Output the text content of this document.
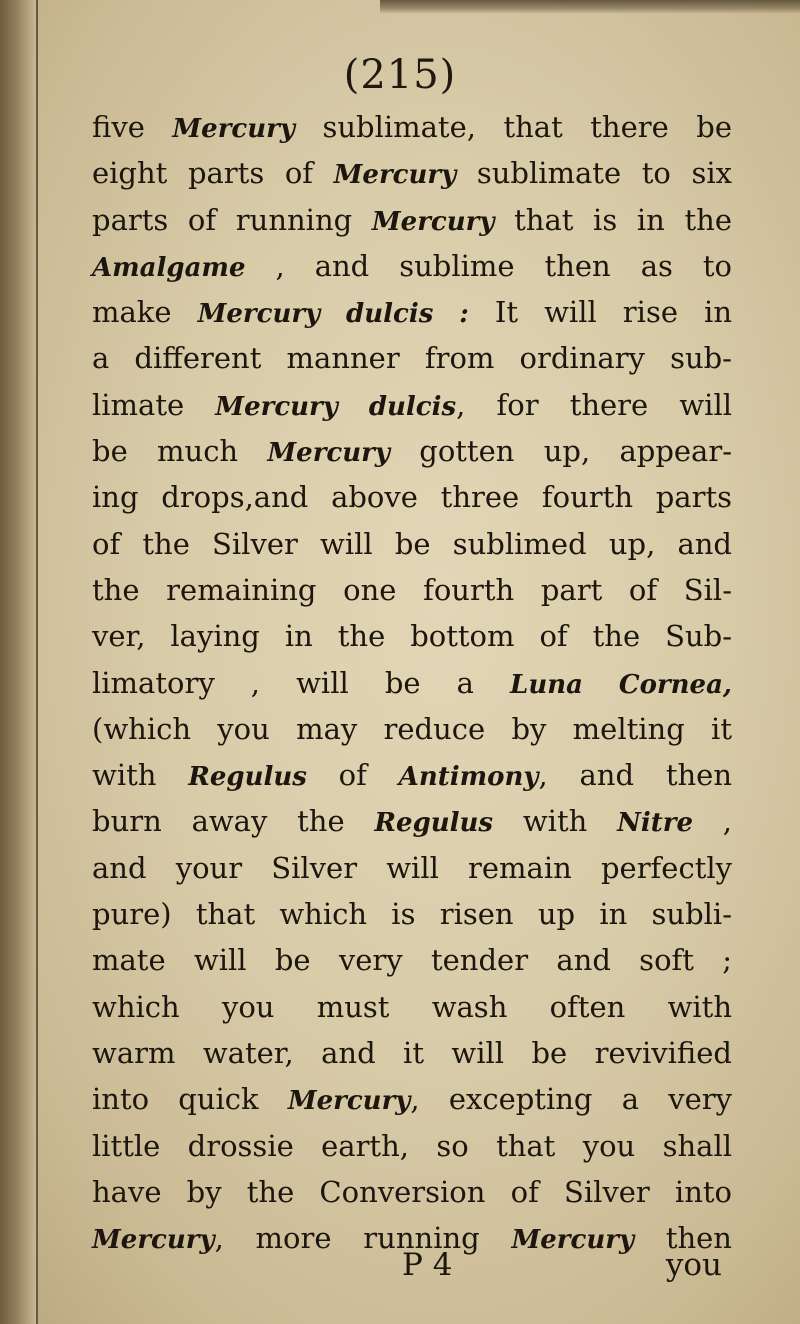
(215)
five Mercury sublimate, that there be
eight parts of Mercury sublimate to six
parts of running Mercury that is in the
Amalgame , and sublime then as to
make Mercury dulcis : It will rise in
a different manner from ordinary sub-
limate Mercury dulcis, for there will
be much Mercury gotten up, appear-
ing drops,and above three fourth parts
of the Silver will be sublimed up, and
the remaining one fourth part of Sil-
ver, laying in the bottom of the Sub-
limatory , will be a Luna Cornea,
(which you may reduce by melting it
with Regulus of Antimony, and then
burn away the Regulus with Nitre ,
and your Silver will remain perfectly
pure) that which is risen up in subli-
mate will be very tender and soft ;
which you must wash often with
warm water, and it will be revivified
into quick Mercury, excepting a very
little drossie earth, so that you shall
have by the Conversion of Silver into
Mercury, more running Mercury then
P 4	you
